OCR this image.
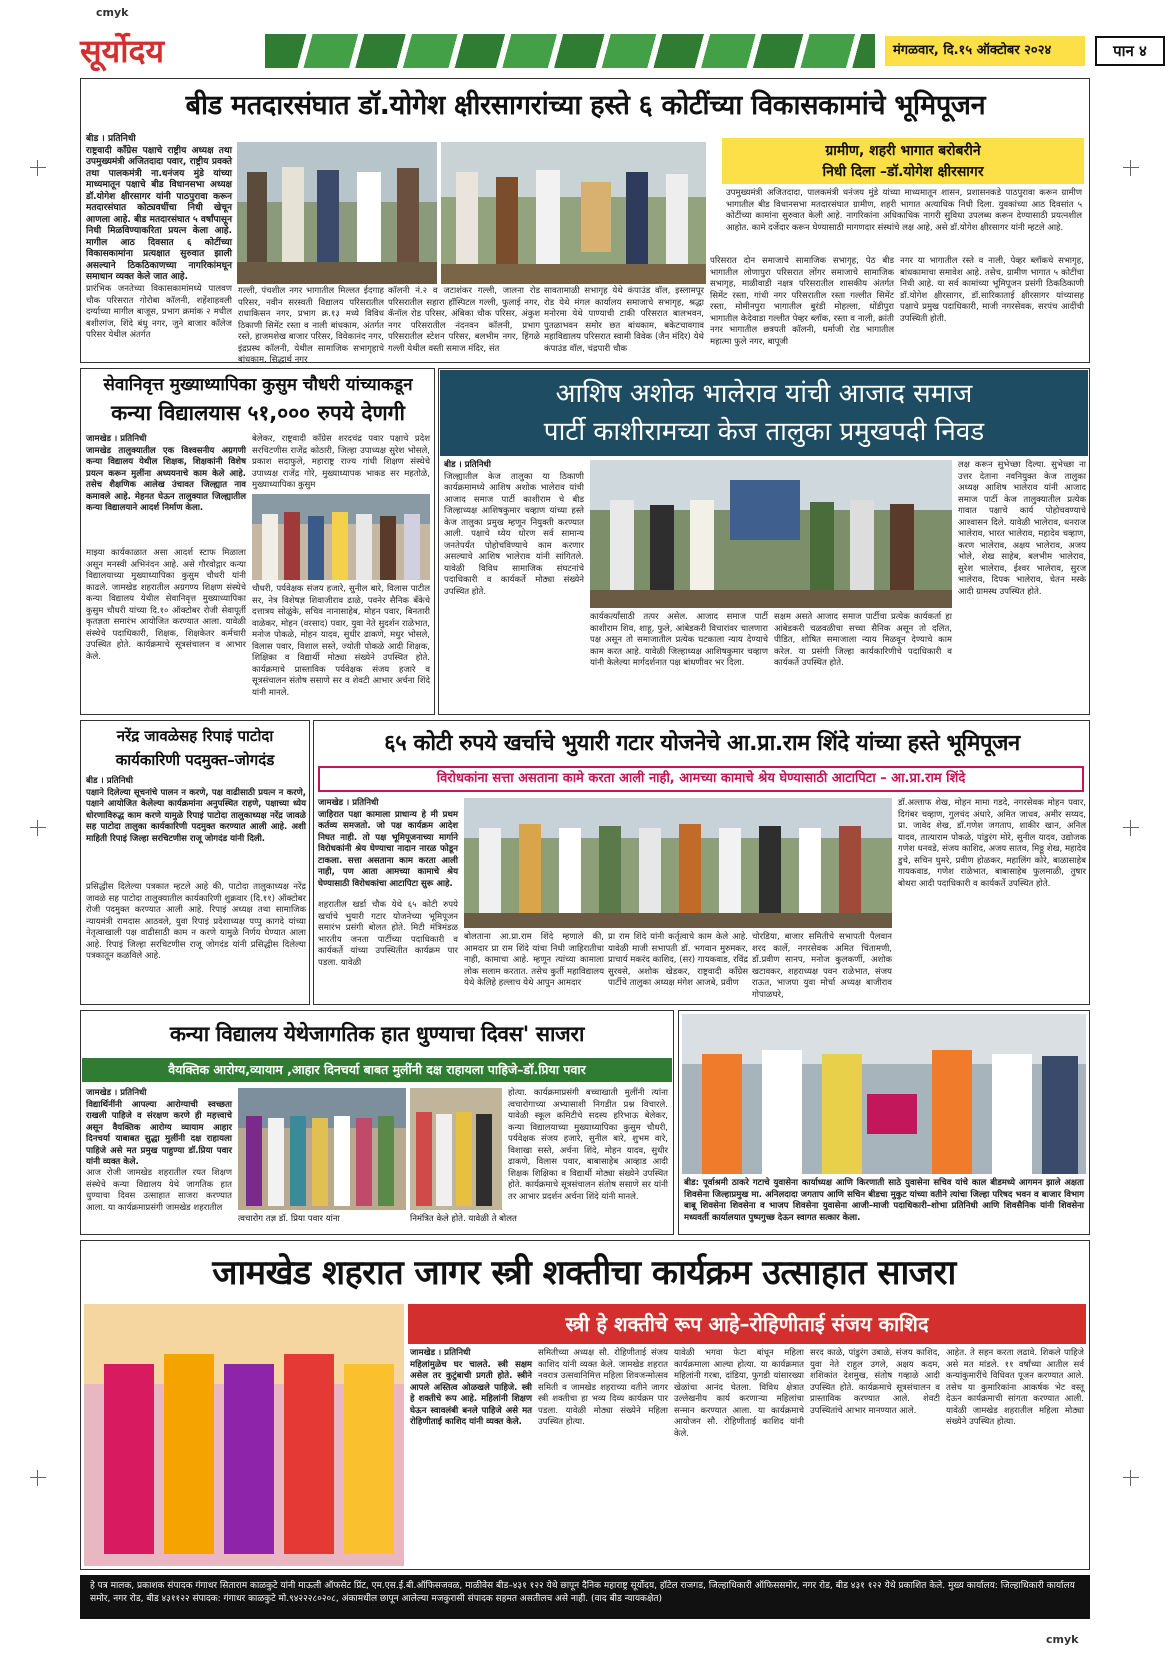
cmyk
cmyk
सूर्योदय	मंगळवार, दि.१५ ऑक्टोबर २०२४	पान ४
बीड मतदारसंघात डॉ.योगेश क्षीरसागरांच्या हस्ते ६ कोटींच्या विकासकामांचे भूमिपूजन
बीड । प्रतिनिधी
राष्ट्रवादी काँग्रेस पक्षाचे राष्ट्रीय अध्यक्ष तथा उपमुख्यमंत्री अजितदादा पवार, राष्ट्रीय प्रवक्ते तथा पालकमंत्री ना.धनंजय मुंडे यांच्या माध्यमातून पक्षाचे बीड विधानसभा अध्यक्ष डॉ.योगेश क्षीरसागर यांनी पाठपुरावा करून मतदारसंघात कोट्यवधींचा निधी खेचून आणला आहे. बीड मतदारसंघात ५ वर्षांपासून निधी मिळविण्याकरिता प्रयत्न केला आहे. मागील आठ दिवसात ६ कोटींच्या विकासकामांना प्रत्यक्षात सुरुवात झाली असल्याने ठिकठिकाणच्या नागरिकांमधून समाधान व्यक्त केले जात आहे.
प्रारंभिक जनतेच्या विकासकामांमध्ये पालवण चौक परिसरात गोरोबा कॉलनी, शहेंशाहवली दर्ग्याच्या मागील बाजूस, प्रभाग क्रमांक २ मधील बशीरगंज, शिंदे बंधु नगर, जुने बाजार कॉलेज परिसर येथील अंतर्गत
ग्रामीण, शहरी भागात बरोबरीने
निधी दिला –डॉ.योगेश क्षीरसागर
उपमुख्यमंत्री अजितदादा, पालकमंत्री धनंजय मुंडे यांच्या माध्यमातून शासन, प्रशासनकडे पाठपुरावा करून ग्रामीण भागातील बीड विधानसभा मतदारसंघात ग्रामीण, शहरी भागात अत्याधिक निधी दिला. युवकांच्या आठ दिवसांत ५ कोटींच्या कामांना सुरुवात केली आहे. नागरिकांना अधिकाधिक नागरी सुविधा उपलब्ध करून देण्यासाठी प्रयत्नशील आहोत. कामे दर्जेदार करून घेण्यासाठी मागणदार संस्थांचे लक्ष आहे, असे डॉ.योगेश क्षीरसागर यांनी म्हटले आहे.
गल्ली, पंचशील नगर भागातील मिल्लत ईदगाह परिसर, नवीन सरस्वती विद्यालय परिसरातील राधाकिसन नगर, प्रभाग क्र.१३ मध्ये विविध ठिकाणी सिमेंट रस्ता व नाली बांधकाम, अंतर्गत रस्ते, हाजमशेख बाजार परिसर, विवेकानंद नगर, इंद्रप्रस्थ कॉलनी, येथील सामाजिक सभागृहाचे बांधकाम, सिद्धार्थ नगर
कॉलनी नं.२ व जटाशंकर गल्ली, जालना रोड परिसरातील सहारा हॉस्पिटल गल्ली, फुलाई नगर, कॅनॉल रोड परिसर, अंबिका चौक परिसर, अंकुश नगर परिसरातील नंदनवन कॉलनी, प्रभाग परिसरातील स्टेशन परिसर, बलभीम नगर, हिंगळे गल्ली येथील वस्ती समाज मंदिर, संत
सावतामाळी सभागृह येथे कंपाउंड वॉल, इस्लामपूर रोड येथे मंगल कार्यालय समाजाचे सभागृह, श्रद्धा मनोरमा येथे पाण्याची टाकी परिसरात बालभवन, पुतळाभवन समोर छत बांधकाम, बकेटचावगाव महाविद्यालय परिसरात स्वामी विवेक (जैन मंदिर) येथे कंपाउंड वॉल, चंद्रपारी चौक
परिसरात दोन समाजाचे सामाजिक सभागृह, पेठ बीड भागातील लोणापुरा परिसरात लोंगर समाजाचे सामाजिक सभागृह, माळीवाडी नक्षत्र परिसरातील शासकीय अंतर्गत सिमेंट रस्ता, गांधी नगर परिसरातील रस्ता गल्लीत सिमेंट रस्ता, मोमीनपुरा भागातील बुरंडी मोहल्ला, धोंडीपुरा भागातील केदेवाडा गल्लीत पेव्हर ब्लॉक, रस्ता व नाली, क्रांती नगर भागातील छत्रपती कॉलनी, धर्माजी रोड भागातील महात्मा फुले नगर, बापूजी
नगर या भागातील रस्ते व नाली, पेव्हर ब्लॉकचे सभागृह, बांधकामाचा समावेश आहे. तसेच, ग्रामीण भागात ५ कोटींचा निधी आहे. या सर्व कामांच्या भूमिपूजन प्रसंगी ठिकठिकाणी डॉ.योगेश क्षीरसागर, डॉ.सारिकाताई क्षीरसागर यांच्यासह पक्षाचे प्रमुख पदाधिकारी, माजी नगरसेवक, सरपंच आदींची उपस्थिती होती.
सेवानिवृत्त मुख्याध्यापिका कुसुम चौधरी यांच्याकडून
कन्या विद्यालयास ५१,००० रुपये देणगी
जामखेड । प्रतिनिधी
जामखेड तालुक्यातील एक विश्वसनीय अग्रगणी कन्या विद्यालय येथील शिक्षक, शिक्षकांनी विशेष प्रयत्न करून मुलींना अध्ययनाचे काम केले आहे. तसेच शैक्षणिक आलेख उंचावत जिल्ह्यात नाव कमावले आहे. मेहनत घेऊन तालुक्यात जिल्ह्यातील कन्या विद्यालयाने आदर्श निर्माण केला.
बेलेकर, राष्ट्रवादी काँग्रेस शरदचंद्र पवार पक्षाचे प्रदेश सरचिटणीस राजेंद्र कोठारी, जिल्हा उपाध्यक्ष सुरेश भोसले, प्रकाश सदाफुले, महाराष्ट्र राज्य गांधी शिक्षण संस्थेचे उपाध्यक्ष राजेंद्र गोरे, मुख्याध्यापक भाकड सर महतोळे, मुख्याध्यापिका कुसुम
माझ्या कार्यकाळात असा आदर्श स्टाफ मिळाला असून मनस्वी अभिनंदन आहे. असे गौरवोद्गार कन्या विद्यालयाच्या मुख्याध्यापिका कुसुम चौधरी यांनी काढले. जामखेड शहरातील अग्रगण्य शिक्षण संस्थेचे कन्या विद्यालय येथील सेवानिवृत्त मुख्याध्यापिका कुसुम चौधरी यांच्या दि.१० ऑक्टोबर रोजी सेवापूर्ती कृतज्ञता समारंभ आयोजित करण्यात आला. यावेळी संस्थेचे पदाधिकारी, शिक्षक, शिक्षकेतर कर्मचारी उपस्थित होते. कार्यक्रमाचे सूत्रसंचालन व आभार केले.
चौधरी, पर्यवेक्षक संजय हजारे, सुनील बारे, विलास पाटील सर, नेत्र विशेषज्ञ शिवाजीराव ढाळे, पवनेर सैनिक बँकेचे दत्तात्रय सोळुंके, सचिव नानासाहेब, मोहन पवार, बिनतारी वाळेकर, मोहन (वरसाद) पवार, युवा नेते सुदर्शन राळेभात, मनोज पोकळे, मोहन यादव, सुधीर ढाकणे, मधुर भोसले, विलास पवार, विशाल सस्ते, ज्योती पोकळे आदी शिक्षक, शिक्षिका व विद्यार्थी मोठ्या संख्येने उपस्थित होते. कार्यक्रमाचे प्रास्ताविक पर्यवेक्षक संजय हजारे व सूत्रसंचालन संतोष ससाणे सर व शेवटी आभार अर्चना शिंदे यांनी मानले.
आशिष अशोक भालेराव यांची आजाद समाज
पार्टी काशीरामच्या केज तालुका प्रमुखपदी निवड
बीड । प्रतिनिधी
जिल्ह्यातील केज तालुका या ठिकाणी कार्यक्रमामध्ये आशिष अशोक भालेराव यांची आजाद समाज पार्टी काशीराम चे बीड जिल्हाध्यक्ष आशिषकुमार चव्हाण यांच्या हस्ते केज तालुका प्रमुख म्हणून नियुक्ती करण्यात आली. पक्षाचे ध्येय धोरण सर्व सामान्य जनतेपर्यंत पोहोचविण्याचे काम करणार असल्याचे आशिष भालेराव यांनी सांगितले. यावेळी विविध सामाजिक संघटनांचे पदाधिकारी व कार्यकर्ते मोठ्या संख्येने उपस्थित होते.
कार्यकर्त्यांसाठी तत्पर असेल. आजाद समाज पार्टी काशीराम शिव, शाहू, फुले, आंबेडकरी विचारांवर चालणारा पक्ष असून तो समाजातील प्रत्येक घटकाला न्याय देण्याचे काम करत आहे. यावेळी जिल्हाध्यक्ष आशिषकुमार चव्हाण यांनी केलेल्या मार्गदर्शनात पक्ष बांधणीवर भर दिला.
सक्षम असते आजाद समाज पार्टीचा प्रत्येक कार्यकर्ता हा आंबेडकरी चळवळीचा सच्चा सैनिक असून तो दलित, पीडित, शोषित समाजाला न्याय मिळवून देण्याचे काम करेल. या प्रसंगी जिल्हा कार्यकारिणीचे पदाधिकारी व कार्यकर्ते उपस्थित होते.
लक्ष करून सुभेच्छा दिल्या. सुभेच्छा ना उत्तर देताना नवनियुक्त केज तालुका अध्यक्ष आशिष भालेराव यांनी आजाद समाज पार्टी केज तालुक्यातील प्रत्येक गावात पक्षाचे कार्य पोहोचवण्याचे आश्वासन दिले. यावेळी भालेराव, धनराज भालेराव, भारत भालेराव, महादेव चव्हाण, करण भालेराव, अक्षय भालेराव, अजय भोले, शेख साहेब, बलभीम भालेराव, सुरेश भालेराव, ईश्वर भालेराव, सुरज भालेराव, दिपक भालेराव, चेतन मस्के आदी ग्रामस्थ उपस्थित होते.
नरेंद्र जावळेसह रिपाइं पाटोदा
कार्यकारिणी पदमुक्त–जोगदंड
बीड । प्रतिनिधी
पक्षाने दिलेल्या सूचनांचे पालन न करणे, पक्ष वाढीसाठी प्रयत्न न करणे, पक्षाने आयोजित केलेल्या कार्यक्रमांना अनुपस्थित राहणे, पक्षाच्या ध्येय धोरणाविरुद्ध काम करणे यामुळे रिपाइं पाटोदा तालुकाध्यक्ष नरेंद्र जावळे सह पाटोदा तालुका कार्यकारिणी पदमुक्त करण्यात आली आहे. अशी माहिती रिपाइं जिल्हा सरचिटणीस राजू जोगदंड यांनी दिली.
प्रसिद्धीस दिलेल्या पत्रकात म्हटले आहे की, पाटोदा तालुकाध्यक्ष नरेंद्र जावळे सह पाटोदा तालुक्यातील कार्यकारिणी शुक्रवार (दि.११) ऑक्टोबर रोजी पदमुक्त करण्यात आली आहे. रिपाइं अध्यक्ष तथा सामाजिक न्यायमंत्री रामदास आठवले, युवा रिपाइं प्रदेशाध्यक्ष पप्पु कागदे यांच्या नेतृत्वाखाली पक्ष वाढीसाठी काम न करणे यामुळे निर्णय घेण्यात आला आहे. रिपाइं जिल्हा सरचिटणीस राजू जोगदंड यांनी प्रसिद्धीस दिलेल्या पत्रकातून कळविले आहे.
६५ कोटी रुपये खर्चाचे भुयारी गटार योजनेचे आ.प्रा.राम शिंदे यांच्या हस्ते भूमिपूजन
विरोधकांना सत्ता असताना कामे करता आली नाही, आमच्या कामाचे श्रेय घेण्यासाठी आटापिटा – आ.प्रा.राम शिंदे
जामखेड । प्रतिनिधी
जाहिरात पक्षा कामाला प्राधान्य हे मी प्रथम कर्तव्य समजतो. जो पक्ष कार्यक्रम आदेश निघत नाही. तो पक्ष भूमिपूजनाच्या मार्गाने विरोधकांनी श्रेय घेण्याचा नादान नारळ फोडून टाकला. सत्ता असताना काम करता आली नाही, पण आता आमच्या कामाचे श्रेय घेण्यासाठी विरोधकांचा आटापिटा सुरू आहे.
शहरातील खर्डा चौक येथे ६५ कोटी रुपये खर्चाचे भुयारी गटार योजनेच्या भूमिपूजन समारंभ प्रसंगी बोलत होते. मिटी मंत्रिमंडळ भारतीय जनता पार्टीच्या पदाधिकारी व कार्यकर्ते यांच्या उपस्थितीत कार्यक्रम पार पडला. यावेळी
बोलताना आ.प्रा.राम शिंदे म्हणाले की, आमदार प्रा राम शिंदे यांचा निधी जाहिरातीचा नाही, कामाचा आहे. म्हणून त्यांच्या कामाला लोक सलाम करतात. तसेच कुर्ती महाविद्यालय येथे केलिहे हल्लाच येथे आपुन आमदार
प्रा राम शिंदे यांनी कर्तृत्वाचे काम केले आहे. यावेळी माजी सभापती डॉ. भगवान मुरुमकर, प्राचार्य मकरंद काशिद, (सर) गायकवाड, रविंद्र सुरवसे, अशोक खेडकर, राष्ट्रवादी काँग्रेस पार्टीचे तालुका अध्यक्ष मंगेश आजबे, प्रवीण
चोरडिया, बाजार समितीचे सभापती पैलवान शरद कार्ले, नगरसेवक अमित चिंतामणी, डॉ.प्रवीण सानप, मनोज कुलकर्णी, अशोक खटावकर, शहराध्यक्ष पवन राळेभात, संजय राऊत, भाजपा युवा मोर्चा अध्यक्ष बाजीराव गोपाळघरे,
डॉ.अल्ताफ शेख, मोहन मामा गडदे, नगरसेवक मोहन पवार, दिगंबर चव्हाण, गुलचंद अंधारे, अमित जाधव, अमीर सय्यद, प्रा. जावेद शेख, डॉ.गणेश जगताप, शाकीर खान, अनिल यादव, तात्याराम पोकळे, पांडुरंग मोरे, सुनील यादव, उद्योजक गणेश धनवडे, संजय काशिद, अजय सातव, मिठ्ठू शेख, महादेव डुचे, सचिन घुमरे, प्रवीण होळकर, महालिंग कोरे, बाळासाहेब गायकवाड, गणेश राळेभात, बाबासाहेब फुलमाळी, तुषार बोथरा आदी पदाधिकारी व कार्यकर्ते उपस्थित होते.
कन्या विद्यालय येथेजागतिक हात धुण्याचा दिवस' साजरा
वैयक्तिक आरोग्य,व्यायाम ,आहार दिनचर्या बाबत मुलींनी दक्ष राहायला पाहिजे–डॉ.प्रिया पवार
जामखेड । प्रतिनिधी
विद्यार्थिनींनी आपल्या आरोग्याची स्वच्छता राखली पाहिजे व संरक्षण करणे ही महत्त्वाचे असून वैयक्तिक आरोग्य व्यायाम आहार दिनचर्या याबाबत सुद्धा मुलींनी दक्ष राहायला पाहिजे असे मत प्रमुख पाहुण्या डॉ.प्रिया पवार यांनी व्यक्त केले.
आज रोजी जामखेड शहरातील रयत शिक्षण संस्थेचे कन्या विद्यालय येथे जागतिक हात धुण्याचा दिवस उत्साहात साजरा करण्यात आला. या कार्यक्रमाप्रसंगी जामखेड शहरातील
त्वचारोग तज्ञ डॉ. प्रिया पवार यांना	निमंत्रित केले होते. यावेळी ते बोलत
होत्या. कार्यक्रमाप्रसंगी बच्चाखाती मुलींनी त्यांना त्वचारोगाच्या अभ्यासाशी निगडीत प्रश्न विचारले. यावेळी स्कूल कमिटीचे सदस्य हरिभाऊ बेलेकर, कन्या विद्यालयाच्या मुख्याध्यापिका कुसुम चौधरी, पर्यवेक्षक संजय हजारे, सुनील बारे, शुभम वारे, विशाखा सस्ते, अर्चना शिंदे, मोहन यादव, सुधीर ढाकणे, विलास पवार, बाबासाहेब आव्हाड आदी शिक्षक शिक्षिका व विद्यार्थी मोठ्या संख्येने उपस्थित होते. कार्यक्रमाचे सूत्रसंचालन संतोष ससाणे सर यांनी तर आभार प्रदर्शन अर्चना शिंदे यांनी मानले.
बीड: पूर्वाश्रमी ठाकरे गटाचे युवासेना कार्याध्यक्ष आणि किरणाती साठे युवासेना सचिव यांचे काल बीडमध्ये आगमन झाले अक्षता शिवसेना जिल्हाप्रमुख मा. अनिलदादा जगताप आणि सचिन बीडचा मुकुट यांच्या वतीने त्यांचा जिल्हा परिषद भवन व बाजार विभाग बाबू शिवसेना शिवसेना व भाजप शिवसेना युवासेना आजी–माजी पदाधिकारी–शोभा प्रतिनिधी आणि शिवसैनिक यांनी शिवसेना मध्यवर्ती कार्यालयात पुष्पगुच्छ देऊन स्वागत सत्कार केला.
जामखेड शहरात जागर स्त्री शक्तीचा कार्यक्रम उत्साहात साजरा
स्त्री हे शक्तीचे रूप आहे–रोहिणीताई संजय काशिद
जामखेड । प्रतिनिधी
महिलांमुळेच घर चालते. स्त्री सक्षम असेल तर कुटुंबाची प्रगती होते. स्त्रीने आपले अस्तित्व ओळखले पाहिजे. स्त्री हे शक्तीचे रूप आहे. महिलांनी शिक्षण घेऊन स्वावलंबी बनले पाहिजे असे मत रोहिणीताई काशिद यांनी व्यक्त केले.
समितीच्या अध्यक्ष सौ. रोहिणीताई संजय काशिद यांनी व्यक्त केले. जामखेड शहरात नवरात्र उत्सवानिमित्त महिला शिवजन्मोत्सव समिती व जामखेड शहराच्या वतीने जागर स्त्री शक्तीचा हा भव्य दिव्य कार्यक्रम पार पडला. यावेळी मोठ्या संख्येने महिला उपस्थित होत्या.
यावेळी भगवा फेटा बांधून महिला कार्यक्रमाला आल्या होत्या. या कार्यक्रमात महिलांनी गरबा, दांडिया, फुगडी यांसारख्या खेळांचा आनंद घेतला. विविध क्षेत्रात उल्लेखनीय कार्य करणाऱ्या महिलांचा सन्मान करण्यात आला. या कार्यक्रमाचे आयोजन सौ. रोहिणीताई काशिद यांनी केले.
सरद काळे, पांडुरंग उबाळे, संजय काशिद, युवा नेते राहुल उगले, अक्षय कदम, शशिकांत देशमुख, संतोष गव्हाळे आदी उपस्थित होते. कार्यक्रमाचे सूत्रसंचालन व प्रास्ताविक करण्यात आले. शेवटी उपस्थितांचे आभार मानण्यात आले.
आहेत. ते सहन करता लढावे. शिकले पाहिजे असे मत मांडले. ११ वर्षांच्या आतील सर्व कन्यांकुमारींचे विधिवत पूजन करण्यात आले. तसेच या कुमारिकांना आकर्षक भेट वस्तू देऊन कार्यक्रमाची सांगता करण्यात आली. यावेळी जामखेड शहरातील महिला मोठ्या संख्येने उपस्थित होत्या.
हे पत्र मालक, प्रकाशक संपादक गंगाधर सिताराम काळकुटे यांनी माऊली ऑफसेट प्रिंट, एम.एस.ई.बी.ऑफिसजवळ, माळीवेस बीड–४३१ १२२ येथे छापून दैनिक महाराष्ट्र सूर्योदय, हॉटेल राजगड, जिल्हाधिकारी ऑफिससमोर, नगर रोड, बीड ४३१ १२२ येथे प्रकाशित केले. मुख्य कार्यालय: जिल्हाधिकारी कार्यालय समोर, नगर रोड, बीड ४३११२२ संपादक: गंगाधर काळकुटे मो.९४२२२८०२०८, अंकामधील छापून आलेल्या मजकुरासी संपादक सहमत असतीलच असे नाही. (वाद बीड न्यायकक्षेत)
